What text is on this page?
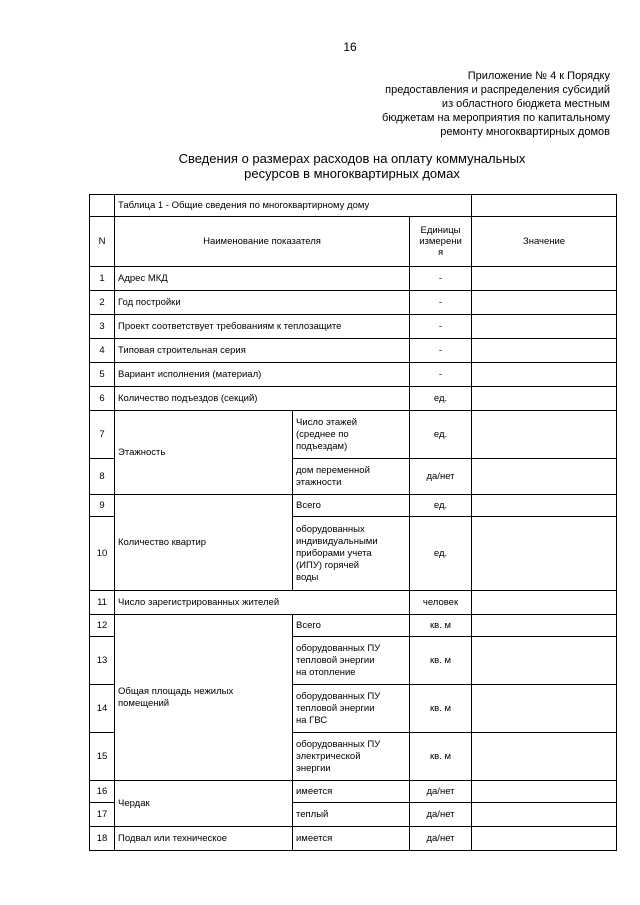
16
Приложение № 4 к Порядку
предоставления и распределения субсидий
из областного бюджета местным
бюджетам на мероприятия по капитальному
ремонту многоквартирных домов
Сведения о размерах расходов на оплату коммунальных
ресурсов в многоквартирных домах
	Таблица 1 - Общие сведения по многоквартирному дому			
N	Наименование показателя		Единицы
измерени
я	Значение
1	Адрес МКД		-	
2	Год постройки		-	
3	Проект соответствует требованиям к теплозащите		-	
4	Типовая строительная серия		-	
5	Вариант исполнения (материал)		-	
6	Количество подъездов (секций)		ед.	
7	Этажность	Число этажей
(среднее по
подъездам)	ед.	
8		дом переменной
этажности	да/нет	
9	Количество квартир	Всего	ед.	
10		оборудованных
индивидуальными
приборами учета
(ИПУ) горячей
воды	ед.	
11	Число зарегистрированных жителей		человек	
12	Общая площадь нежилых
помещений	Всего	кв. м	
13		оборудованных ПУ
тепловой энергии
на отопление	кв. м	
14		оборудованных ПУ
тепловой энергии
на ГВС	кв. м	
15		оборудованных ПУ
электрической
энергии	кв. м	
16	Чердак	имеется	да/нет	
17		теплый	да/нет	
18	Подвал или техническое	имеется	да/нет	
